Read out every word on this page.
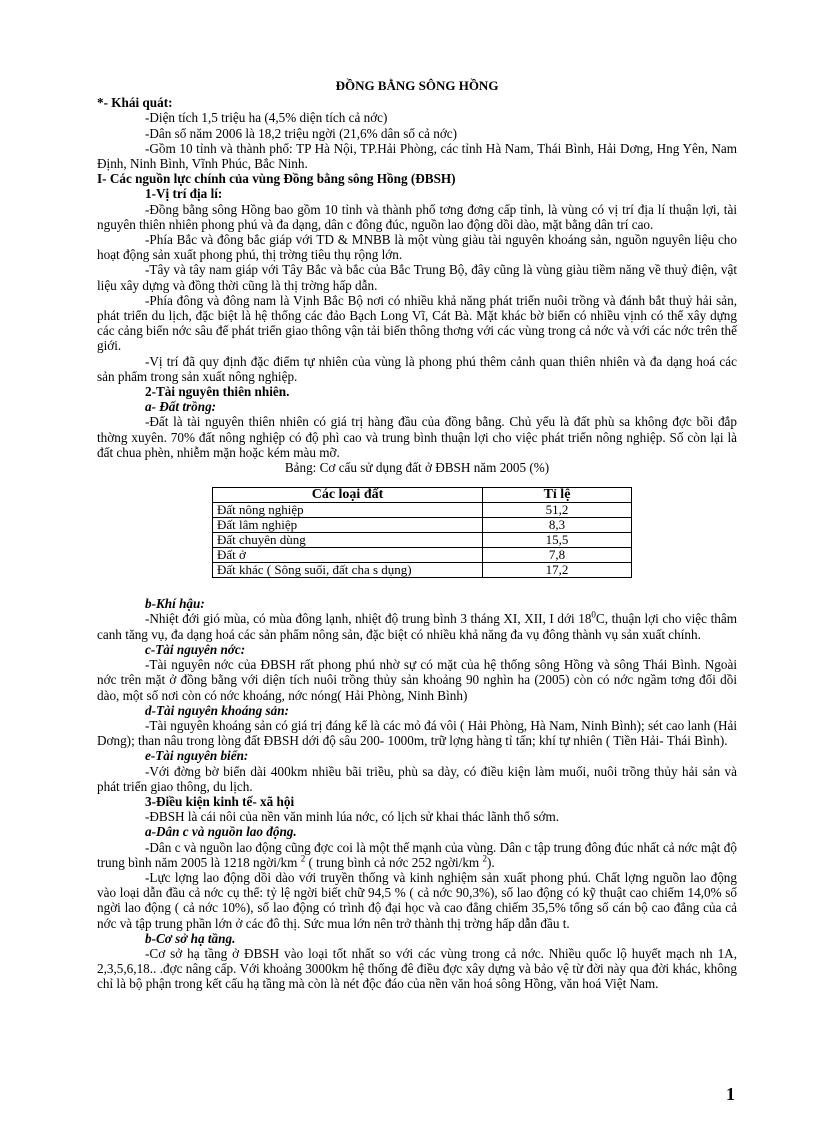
ĐỒNG BẰNG SÔNG HỒNG

*- Khái quát:

-Diện tích 1,5 triệu ha (4,5% diện tích cả nớc)

-Dân số năm 2006 là 18,2 triệu ngời (21,6% dân số cả nớc)

-Gồm 10 tỉnh và thành phố: TP Hà Nội, TP.Hải Phòng, các tỉnh Hà Nam, Thái Bình, Hải Dơng, Hng Yên, Nam Định, Ninh Bình, Vĩnh Phúc, Bắc Ninh.

I- Các nguồn lực chính của vùng Đồng bằng sông Hồng (ĐBSH)

1-Vị trí địa lí:

-Đồng bằng sông Hồng bao gồm 10 tỉnh và thành phố tơng đơng cấp tỉnh, là vùng có vị trí địa lí thuận lợi, tài nguyên thiên nhiên phong phú và đa dạng, dân c đông đúc, nguồn lao động dồi dào, mặt bằng dân trí cao.

-Phía Bắc và đông bắc giáp với TD & MNBB là một vùng giàu tài nguyên khoáng sản, nguồn nguyên liệu cho hoạt động sản xuất phong phú, thị trờng tiêu thụ rộng lớn.

-Tây và tây nam giáp với Tây Bắc và bắc của Bắc Trung Bộ, đây cũng là vùng giàu tiềm năng về thuỷ điện, vật liệu xây dựng và đồng thời cũng là thị trờng hấp dẫn.

-Phía đông và đông nam là Vịnh Bắc Bộ nơi có nhiều khả năng phát triển nuôi trồng và đánh bắt thuỷ hải sản, phát triển du lịch, đặc biệt là hệ thống các đảo Bạch Long Vĩ, Cát Bà. Mặt khác bờ biển có nhiều vịnh có thể xây dựng các cảng biển nớc sâu để phát triển giao thông vận tải biển thông thơng với các vùng trong cả nớc và với các nớc trên thế giới.

-Vị trí đã quy định đặc điểm tự nhiên của vùng là phong phú thêm cảnh quan thiên nhiên và đa dạng hoá các sản phẩm trong sản xuất nông nghiệp.

2-Tài nguyên thiên nhiên.

a- Đất trồng:

-Đất là tài nguyên thiên nhiên có giá trị hàng đầu của đồng bằng. Chủ yếu là đất phù sa không đợc bồi đắp thờng xuyên. 70% đất nông nghiệp có độ phì cao và trung bình thuận lợi cho việc phát triển nông nghiệp. Số còn lại là đất chua phèn, nhiễm mặn hoặc kém màu mỡ.

Bảng: Cơ cấu sử dụng đất ở ĐBSH năm 2005 (%)

Các loại đất	Tỉ lệ
Đất nông nghiệp	51,2
Đất lâm nghiệp	8,3
Đất chuyên dùng	15,5
Đất ở	7,8
Đất khác ( Sông suối, đất cha s dụng)	17,2

b-Khí hậu:

-Nhiệt đới gió mùa, có mùa đông lạnh, nhiệt độ trung bình 3 tháng XI, XII, I dới $18^0C$, thuận lợi cho việc thâm canh tăng vụ, đa dạng hoá các sản phẩm nông sản, đặc biệt có nhiều khả năng đa vụ đông thành vụ sản xuất chính.

c-Tài nguyên nớc:

-Tài nguyên nớc của ĐBSH rất phong phú nhờ sự có mặt của hệ thống sông Hồng và sông Thái Bình. Ngoài nớc trên mặt ở đồng bằng với diện tích nuôi trồng thủy sản khoảng 90 nghìn ha (2005) còn có nớc ngầm tơng đối dồi dào, một số nơi còn có nớc khoáng, nớc nóng( Hải Phòng, Ninh Bình)

d-Tài nguyên khoáng sản:

-Tài nguyên khoáng sản có giá trị đáng kể là các mỏ đá vôi ( Hải Phòng, Hà Nam, Ninh Bình); sét cao lanh (Hải Dơng); than nâu trong lòng đất ĐBSH dới độ sâu 200- 1000m, trữ lợng hàng tỉ tấn; khí tự nhiên ( Tiền Hải- Thái Bình).

e-Tài nguyên biển:

-Với đờng bờ biển dài 400km nhiều bãi triều, phù sa dày, có điều kiện làm muối, nuôi trồng thủy hải sản và phát triển giao thông, du lịch.

3-Điều kiện kinh tế- xã hội

-ĐBSH là cái nôi của nền văn minh lúa nớc, có lịch sử khai thác lãnh thổ sớm.

a-Dân c và nguồn lao động.

-Dân c và nguồn lao động cũng đợc coi là một thế mạnh của vùng. Dân c tập trung đông đúc nhất cả nớc mật độ trung bình năm 2005 là 1218 ngời/km $^2$ ( trung bình cả nớc 252 ngời/km $^2$).

-Lực lợng lao động dồi dào với truyền thống và kinh nghiệm sản xuất phong phú. Chất lợng nguồn lao động vào loại dẫn đầu cả nớc cụ thể: tỷ lệ ngời biết chữ 94,5 % ( cả nớc 90,3%), số lao động có kỹ thuật cao chiếm 14,0% số ngời lao động ( cả nớc 10%), số lao động có trình độ đại học và cao đẳng chiếm 35,5% tổng số cán bộ cao đẳng của cả nớc và tập trung phần lớn ở các đô thị. Sức mua lớn nên trở thành thị trờng hấp dẫn đầu t.

b-Cơ sở hạ tầng.

-Cơ sở hạ tầng ở ĐBSH vào loại tốt nhất so với các vùng trong cả nớc. Nhiều quốc lộ huyết mạch nh 1A, 2,3,5,6,18.. .đợc nâng cấp. Với khoảng 3000km hệ thống đê điều đợc xây dựng và bảo vệ từ đời này qua đời khác, không chỉ là bộ phận trong kết cấu hạ tầng mà còn là nét độc đáo của nền văn hoá sông Hồng, văn hoá Việt Nam.

1
